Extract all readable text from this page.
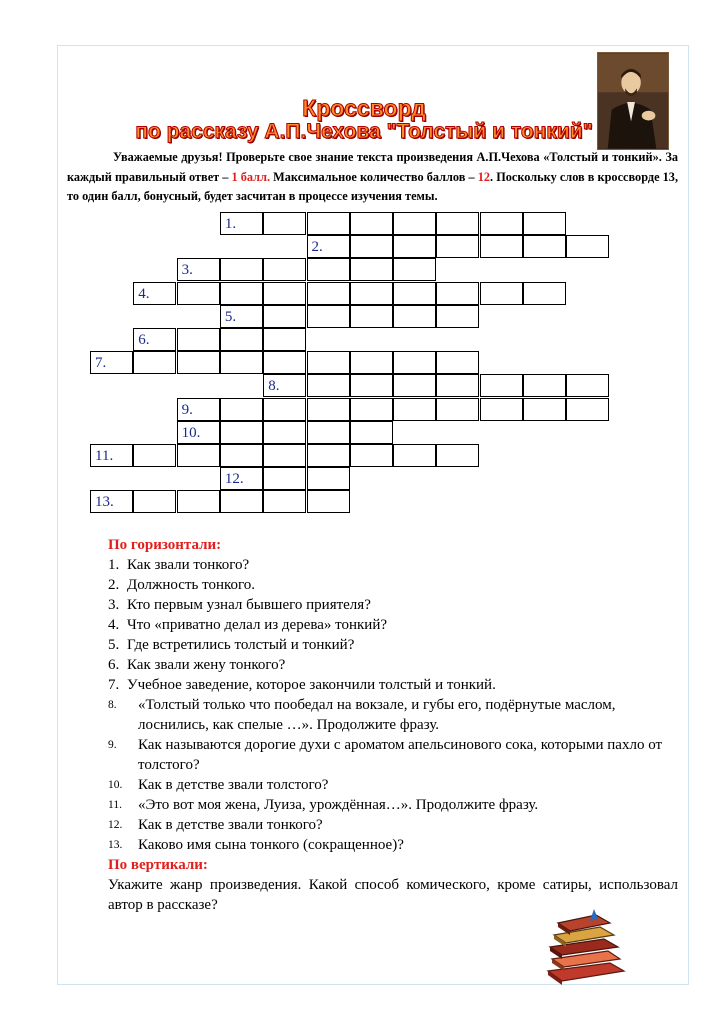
Кроссворд
по рассказу А.П.Чехова "Толстый и тонкий"

Уважаемые друзья! Проверьте свое знание текста произведения А.П.Чехова «Толстый и тонкий». За каждый правильный ответ – 1 балл. Максимальное количество баллов – 12. Поскольку слов в кроссворде 13, то один балл, бонусный, будет засчитан в процессе изучения темы.

1.
2.
3.
4.
5.
6.
7.
8.
9.
10.
11.
12.
13.
По горизонтали:
1. Как звали тонкого?
2. Должность тонкого.
3. Кто первым узнал бывшего приятеля?
4. Что «приватно делал из дерева» тонкий?
5. Где встретились толстый и тонкий?
6. Как звали жену тонкого?
7. Учебное заведение, которое закончили толстый и тонкий.
8.	«Толстый только что пообедал на вокзале, и губы его, подёрнутые маслом, лоснились, как спелые …». Продолжите фразу.
9.	Как называются дорогие духи с ароматом апельсинового сока, которыми пахло от толстого?
10.	Как в детстве звали толстого?
11.	«Это вот моя жена, Луиза, урождённая…». Продолжите фразу.
12.	Как в детстве звали тонкого?
13.	Каково имя сына тонкого (сокращенное)?
По вертикали:
Укажите жанр произведения. Какой способ комического, кроме сатиры, использовал автор в рассказе?
